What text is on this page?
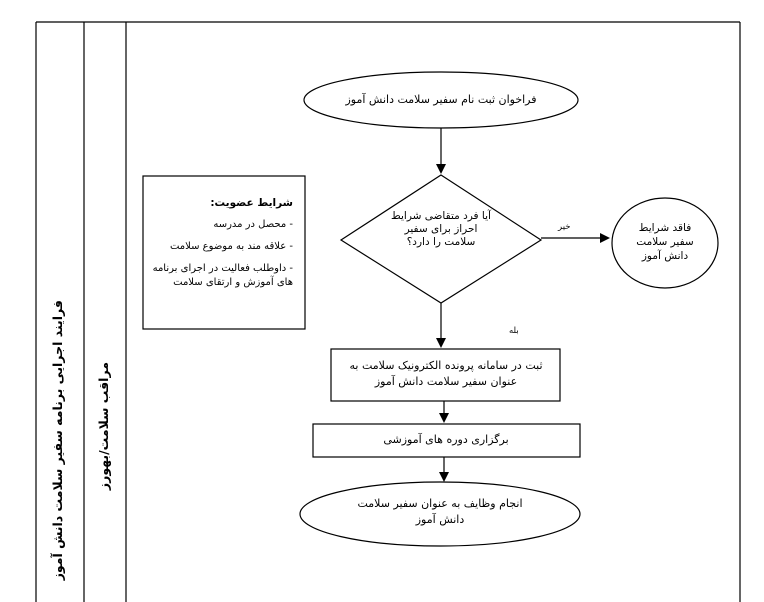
فرایند اجرایی برنامه سفیر سلامت دانش آموز مراقب سلامت/بهورز
فراخوان ثبت نام سفیر سلامت دانش آموز
آیا فرد متقاضی شرایط احراز برای سفیر سلامت را دارد؟
فاقد شرایط سفیر سلامت دانش آموز
ثبت در سامانه پرونده الکترونیک سلامت به عنوان سفیر سلامت دانش آموز
برگزاری دوره های آموزشی
انجام وظایف به عنوان سفیر سلامت دانش آموز
خیر
بله
شرایط عضویت:
- محصل در مدرسه
- علاقه مند به موضوع سلامت
- داوطلب فعالیت در اجرای برنامه های آموزش و ارتقای سلامت
